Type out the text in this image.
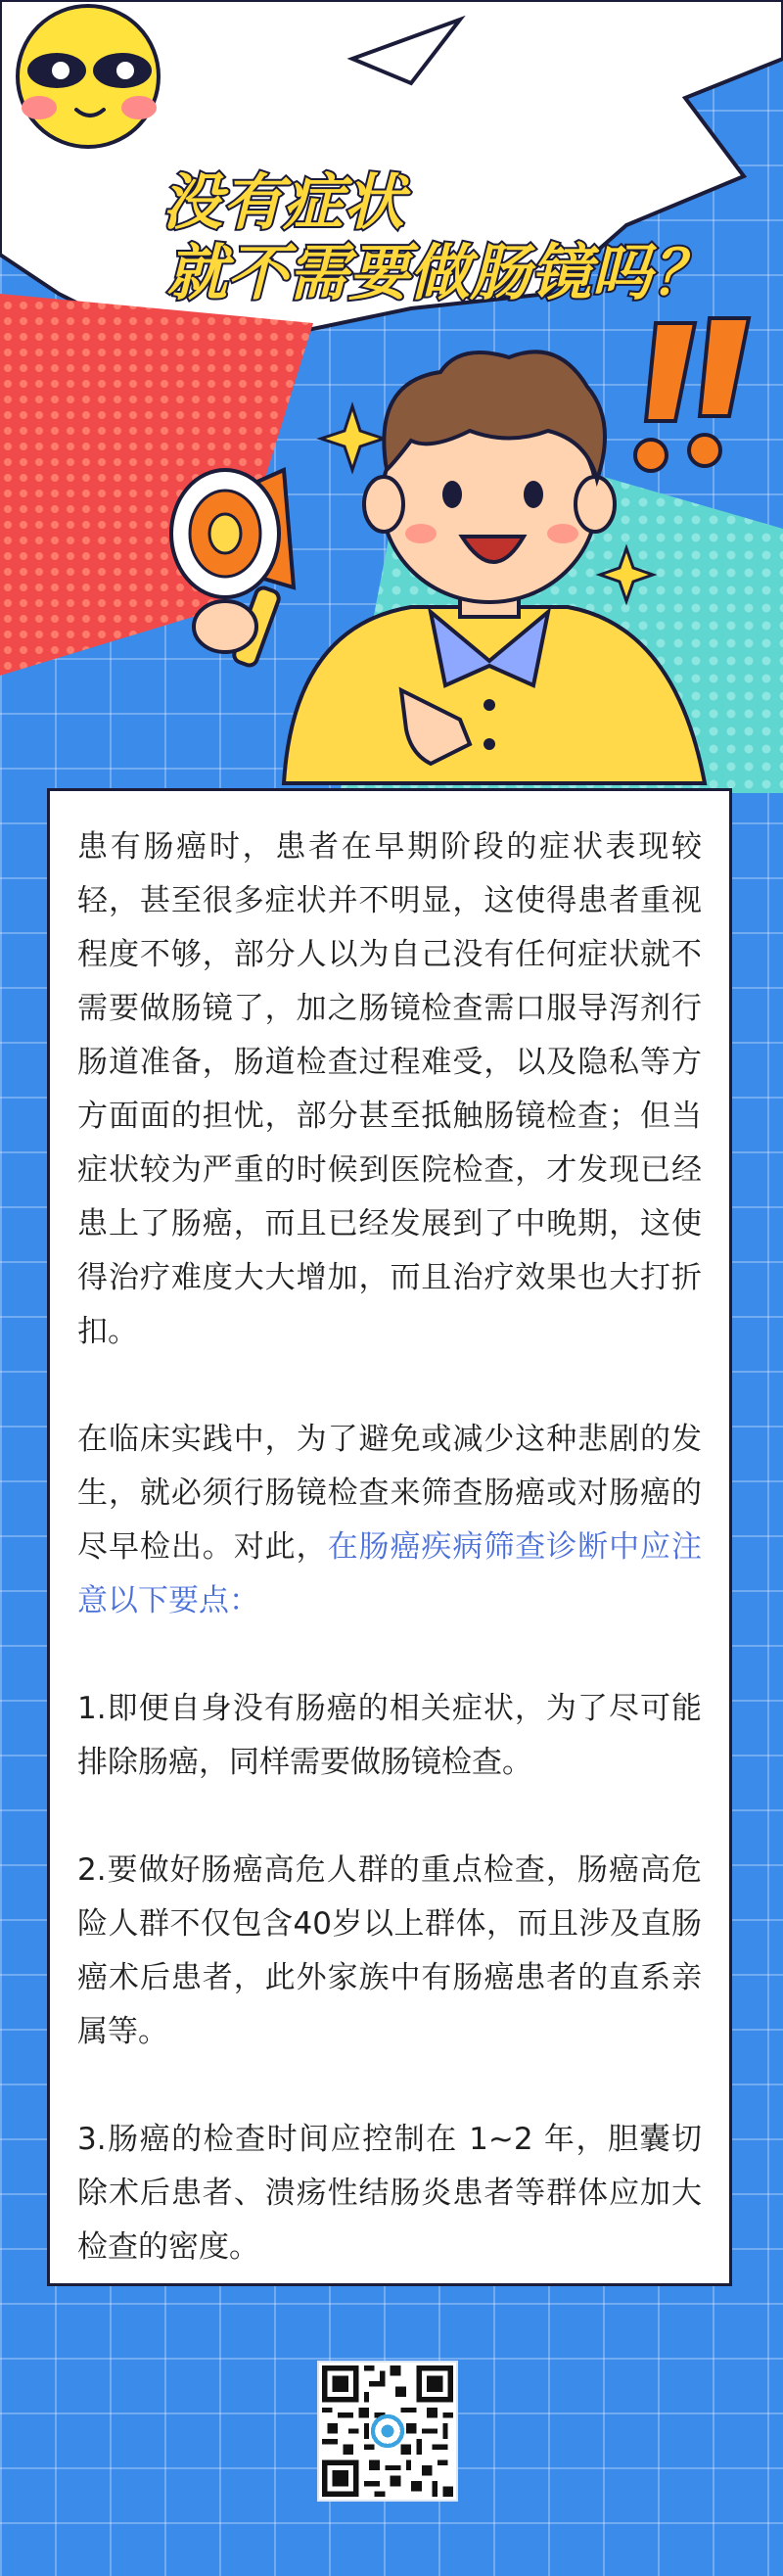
没有症状
就不需要做肠镜吗？

患有肠癌时，患者在早期阶段的症状表现较轻，甚至很多症状并不明显，这使得患者重视程度不够，部分人以为自己没有任何症状就不需要做肠镜了，加之肠镜检查需口服导泻剂行肠道准备，肠道检查过程难受，以及隐私等方方面面的担忧，部分甚至抵触肠镜检查；但当症状较为严重的时候到医院检查，才发现已经患上了肠癌，而且已经发展到了中晚期，这使得治疗难度大大增加，而且治疗效果也大打折扣。

在临床实践中，为了避免或减少这种悲剧的发生，就必须行肠镜检查来筛查肠癌或对肠癌的尽早检出。对此，在肠癌疾病筛查诊断中应注意以下要点：

1.即便自身没有肠癌的相关症状，为了尽可能排除肠癌，同样需要做肠镜检查。

2.要做好肠癌高危人群的重点检查，肠癌高危险人群不仅包含40岁以上群体，而且涉及直肠癌术后患者，此外家族中有肠癌患者的直系亲属等。

3.肠癌的检查时间应控制在 1~2 年，胆囊切除术后患者、溃疡性结肠炎患者等群体应加大检查的密度。
